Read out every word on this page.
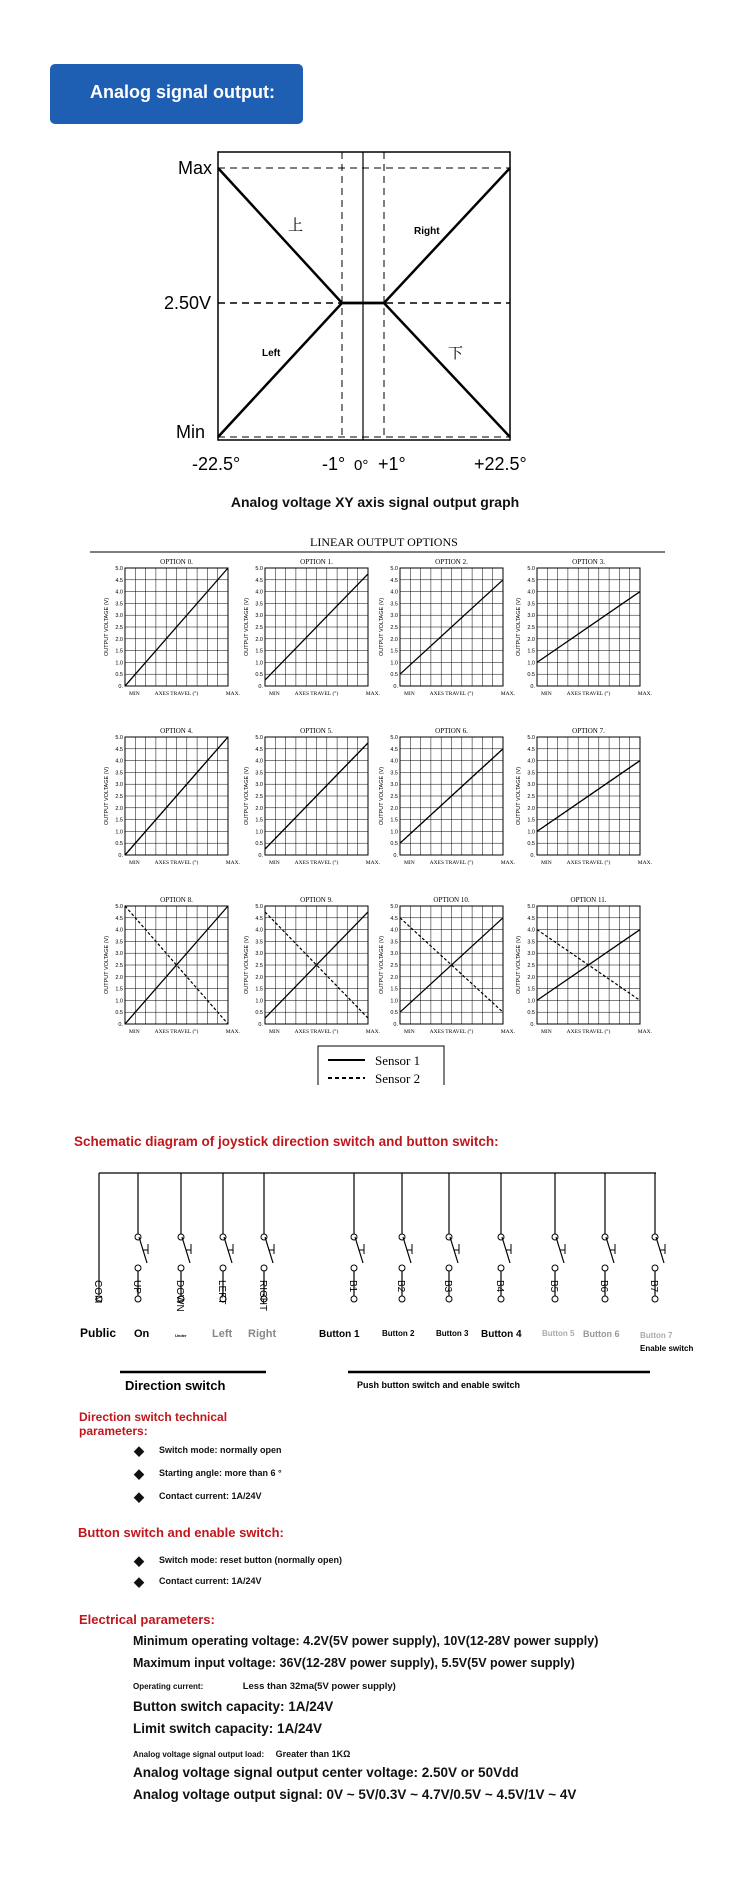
Analog signal output: :
Max
2.50V
Min
-22.5°	-1° 0° +1°	+22.5°
上	Right
Left	下
Analog voltage XY axis signal output graph
LINEAR OUTPUT OPTIONS
OPTION 0.
5.0
4.5
4.0
3.5
3.0
2.5
2.0
1.5
1.0
0.5
0.
OUTPUT VOLTAGE (V)
MIN	AXES TRAVEL (°)	MAX.
OPTION 1.
5.0
4.5
4.0
3.5
3.0
2.5
2.0
1.5
1.0
0.5
0.
OUTPUT VOLTAGE (V)
MIN	AXES TRAVEL (°)	MAX.
OPTION 2.
5.0
4.5
4.0
3.5
3.0
2.5
2.0
1.5
1.0
0.5
0.
OUTPUT VOLTAGE (V)
MIN	AXES TRAVEL (°)	MAX.
OPTION 3.
5.0
4.5
4.0
3.5
3.0
2.5
2.0
1.5
1.0
0.5
0.
OUTPUT VOLTAGE (V)
MIN	AXES TRAVEL (°)	MAX.
OPTION 4.
5.0
4.5
4.0
3.5
3.0
2.5
2.0
1.5
1.0
0.5
0.
OUTPUT VOLTAGE (V)
MIN	AXES TRAVEL (°)	MAX.
OPTION 5.
5.0
4.5
4.0
3.5
3.0
2.5
2.0
1.5
1.0
0.5
0.
OUTPUT VOLTAGE (V)
MIN	AXES TRAVEL (°)	MAX.
OPTION 6.
5.0
4.5
4.0
3.5
3.0
2.5
2.0
1.5
1.0
0.5
0.
OUTPUT VOLTAGE (V)
MIN	AXES TRAVEL (°)	MAX.
OPTION 7.
5.0
4.5
4.0
3.5
3.0
2.5
2.0
1.5
1.0
0.5
0.
OUTPUT VOLTAGE (V)
MIN	AXES TRAVEL (°)	MAX.
OPTION 8.
5.0
4.5
4.0
3.5
3.0
2.5
2.0
1.5
1.0
0.5
0.
OUTPUT VOLTAGE (V)
MIN	AXES TRAVEL (°)	MAX.
OPTION 9.
5.0
4.5
4.0
3.5
3.0
2.5
2.0
1.5
1.0
0.5
0.
OUTPUT VOLTAGE (V)
MIN	AXES TRAVEL (°)	MAX.
OPTION 10.
5.0
4.5
4.0
3.5
3.0
2.5
2.0
1.5
1.0
0.5
0.
OUTPUT VOLTAGE (V)
MIN	AXES TRAVEL (°)	MAX.
OPTION 11.
5.0
4.5
4.0
3.5
3.0
2.5
2.0
1.5
1.0
0.5
0.
OUTPUT VOLTAGE (V)
MIN	AXES TRAVEL (°)	MAX.
Sensor 1
Sensor 2
Schematic diagram of joystick direction switch and button switch:
COM	UP	DOWN	LEFT	RIGHT	B1	B2	B3	B4	B5	B6	B7
Public On	Under Left Right	Button 1	Button 2	Button 3 Button 4	Button 5 Button 6	Button 7
Enable switch
Direction switch	Push button switch and enable switch
Direction switch technical parameters:
◆ Switch mode: normally open
◆ Starting angle: more than 6 °
◆ Contact current: 1A/24V
Button switch and enable switch:
◆ Switch mode: reset button (normally open)
◆ Contact current: 1A/24V
Electrical parameters:
Minimum operating voltage: 4.2V(5V power supply), 10V(12-28V power supply)
Maximum input voltage: 36V(12-28V power supply), 5.5V(5V power supply)
Operating current:	Less than 32ma(5V power supply)
Button switch capacity: 1A/24V
Limit switch capacity: 1A/24V
Analog voltage signal output load: Greater than 1KΩ
Analog voltage signal output center voltage: 2.50V or 50Vdd
Analog voltage output signal: 0V ~ 5V/0.3V ~ 4.7V/0.5V ~ 4.5V/1V ~ 4V
